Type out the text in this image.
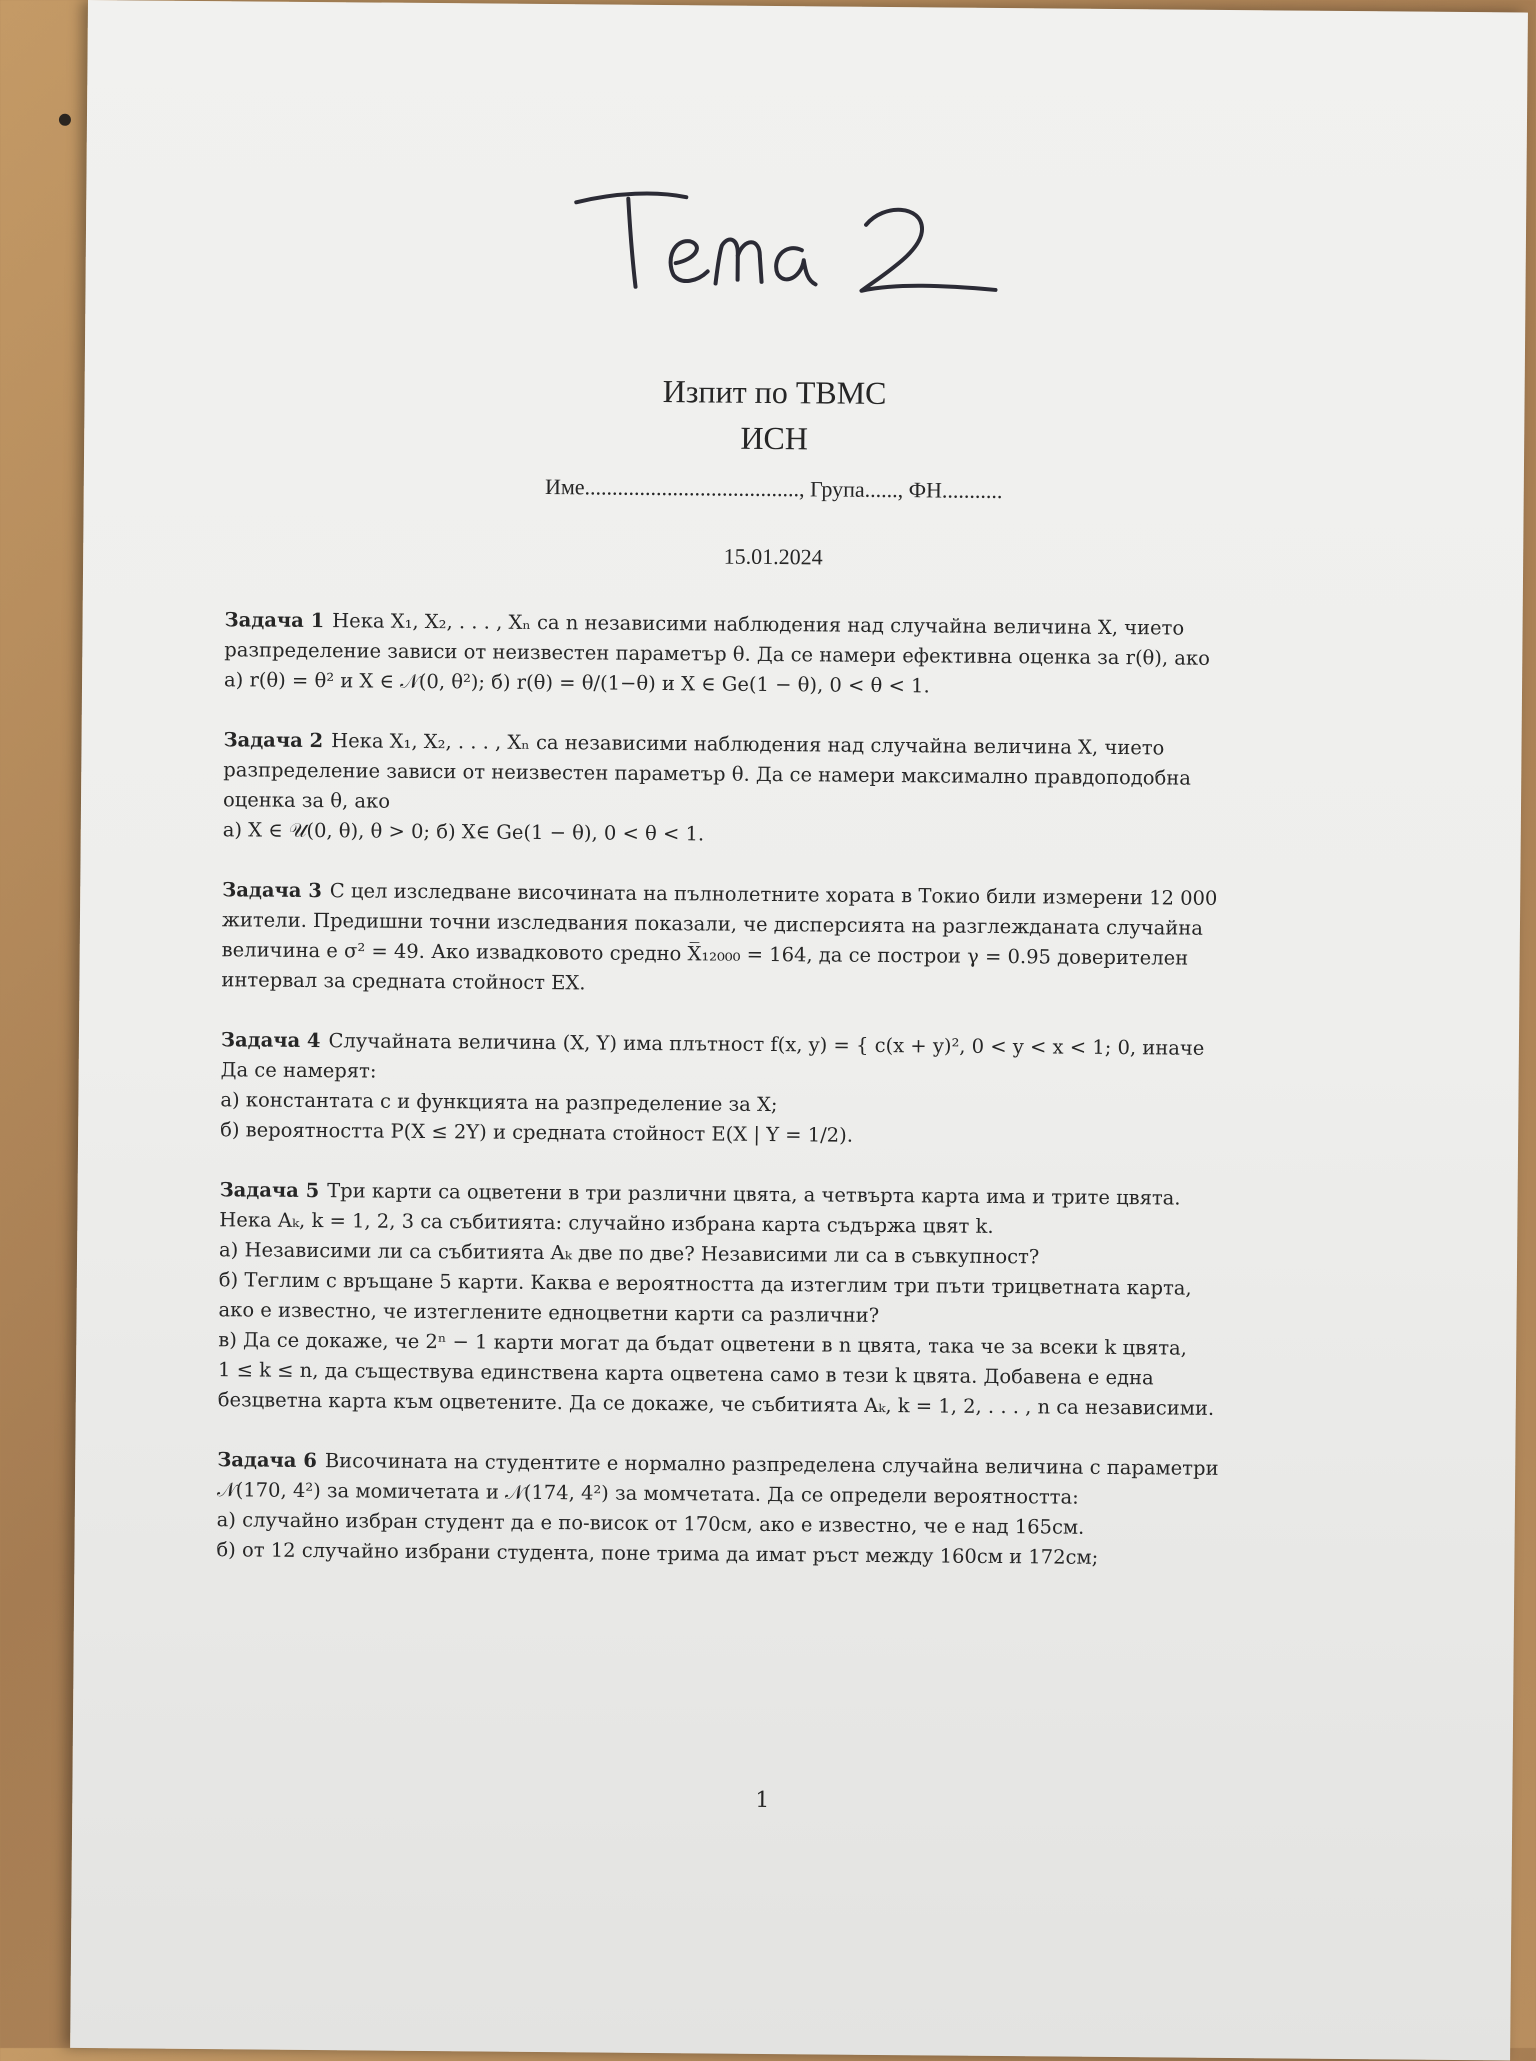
Изпит по ТВМС
ИСН
Име......................................., Група......, ФН...........
15.01.2024

Задача 1 Нека X₁, X₂, . . . , Xₙ са n независими наблюдения над случайна величина X, чието

разпределение зависи от неизвестен параметър θ. Да се намери ефективна оценка за r(θ), ако

а) r(θ) = θ² и X ∈ 𝒩(0, θ²); б) r(θ) = θ/(1−θ) и X ∈ Ge(1 − θ), 0 < θ < 1.

Задача 2 Нека X₁, X₂, . . . , Xₙ са независими наблюдения над случайна величина X, чието

разпределение зависи от неизвестен параметър θ. Да се намери максимално правдоподобна

оценка за θ, ако

а) X ∈ 𝒰(0, θ), θ > 0; б) X∈ Ge(1 − θ), 0 < θ < 1.

Задача 3 С цел изследване височината на пълнолетните хората в Токио били измерени 12 000

жители. Предишни точни изследвания показали, че дисперсията на разглежданата случайна

величина е σ² = 49. Ако извадковото средно X̅₁₂₀₀₀ = 164, да се построи γ = 0.95 доверителен

интервал за средната стойност EX.

Задача 4 Случайната величина (X, Y) има плътност f(x, y) = { c(x + y)², 0 < y < x < 1; 0, иначе

Да се намерят:

а) константата c и функцията на разпределение за X;

б) вероятността P(X ≤ 2Y) и средната стойност E(X | Y = 1/2).

Задача 5 Три карти са оцветени в три различни цвята, а четвърта карта има и трите цвята.

Нека Aₖ, k = 1, 2, 3 са събитията: случайно избрана карта съдържа цвят k.

а) Независими ли са събитията Aₖ две по две? Независими ли са в съвкупност?

б) Теглим с връщане 5 карти. Каква е вероятността да изтеглим три пъти трицветната карта,

ако е известно, че изтеглените едноцветни карти са различни?

в) Да се докаже, че 2ⁿ − 1 карти могат да бъдат оцветени в n цвята, така че за всеки k цвята,

1 ≤ k ≤ n, да съществува единствена карта оцветена само в тези k цвята. Добавена е една

безцветна карта към оцветените. Да се докаже, че събитията Aₖ, k = 1, 2, . . . , n са независими.

Задача 6 Височината на студентите е нормално разпределена случайна величина с параметри

𝒩(170, 4²) за момичетата и 𝒩(174, 4²) за момчетата. Да се определи вероятността:

а) случайно избран студент да е по-висок от 170см, ако е известно, че е над 165см.

б) от 12 случайно избрани студента, поне трима да имат ръст между 160см и 172см;

1
